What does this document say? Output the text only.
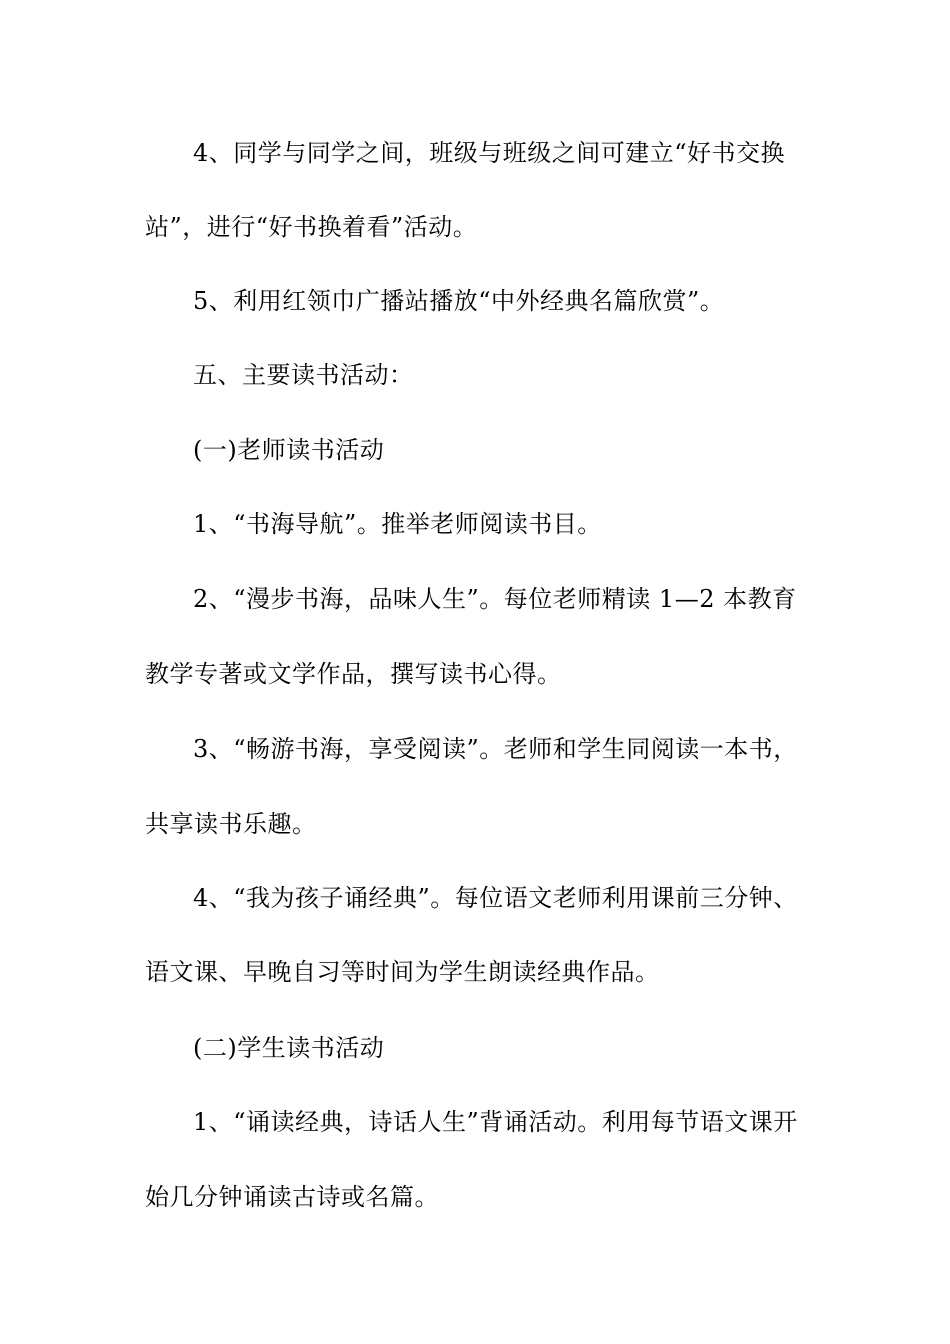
4、同学与同学之间，班级与班级之间可建立“好书交换
站”，进行“好书换着看”活动。
5、利用红领巾广播站播放“中外经典名篇欣赏”。
五、主要读书活动：
(一)老师读书活动
1、“书海导航”。推举老师阅读书目。
2、“漫步书海，品味人生”。每位老师精读 1—2 本教育
教学专著或文学作品，撰写读书心得。
3、“畅游书海，享受阅读”。老师和学生同阅读一本书，
共享读书乐趣。
4、“我为孩子诵经典”。每位语文老师利用课前三分钟、
语文课、早晚自习等时间为学生朗读经典作品。
(二)学生读书活动
1、“诵读经典，诗话人生”背诵活动。利用每节语文课开
始几分钟诵读古诗或名篇。
